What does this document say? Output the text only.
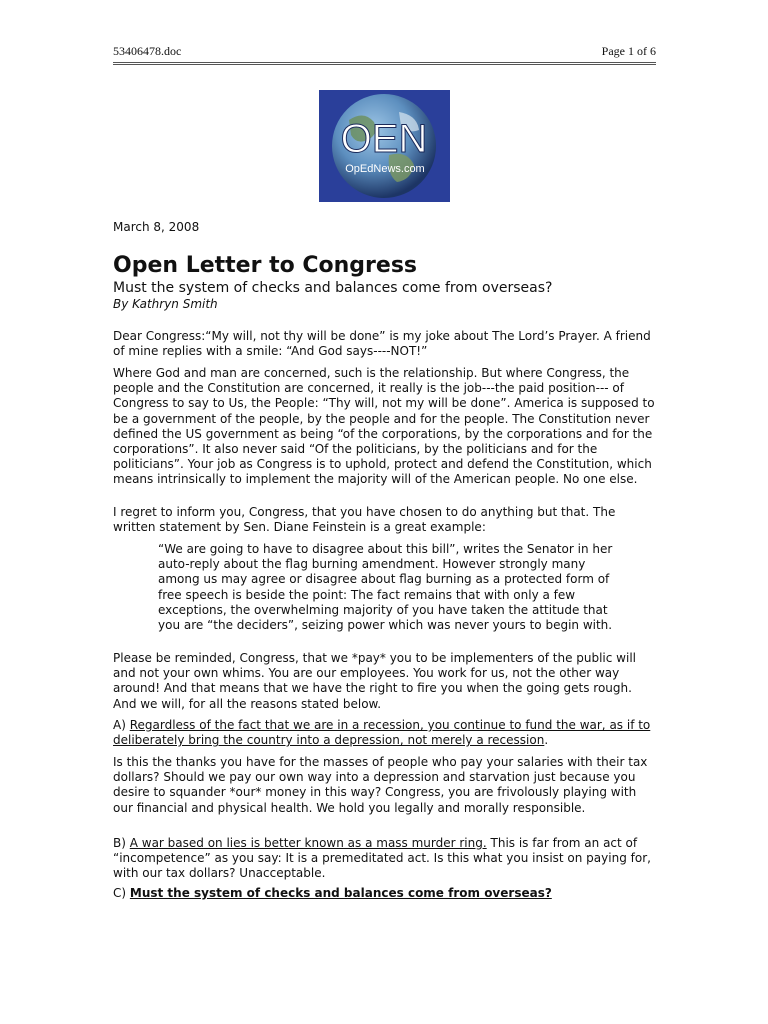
53406478.doc	Page 1 of 6
OEN
OpEdNews.com
March 8, 2008
Open Letter to Congress
Must the system of checks and balances come from overseas?
By Kathryn Smith
Dear Congress:“My will, not thy will be done” is my joke about The Lord’s Prayer. A friend of mine replies with a smile: “And God says----NOT!”
Where God and man are concerned, such is the relationship. But where Congress, the people and the Constitution are concerned, it really is the job---the paid position--- of Congress to say to Us, the People: “Thy will, not my will be done”. America is supposed to be a government of the people, by the people and for the people. The Constitution never defined the US government as being “of the corporations, by the corporations and for the corporations”. It also never said “Of the politicians, by the politicians and for the politicians”. Your job as Congress is to uphold, protect and defend the Constitution, which means intrinsically to implement the majority will of the American people. No one else.
I regret to inform you, Congress, that you have chosen to do anything but that. The written statement by Sen. Diane Feinstein is a great example:
“We are going to have to disagree about this bill”, writes the Senator in her auto-reply about the flag burning amendment. However strongly many among us may agree or disagree about flag burning as a protected form of free speech is beside the point: The fact remains that with only a few exceptions, the overwhelming majority of you have taken the attitude that you are “the deciders”, seizing power which was never yours to begin with.
Please be reminded, Congress, that we *pay* you to be implementers of the public will and not your own whims. You are our employees. You work for us, not the other way around! And that means that we have the right to fire you when the going gets rough. And we will, for all the reasons stated below.
A) Regardless of the fact that we are in a recession, you continue to fund the war, as if to deliberately bring the country into a depression, not merely a recession.
Is this the thanks you have for the masses of people who pay your salaries with their tax dollars? Should we pay our own way into a depression and starvation just because you desire to squander *our* money in this way? Congress, you are frivolously playing with our financial and physical health. We hold you legally and morally responsible.
B) A war based on lies is better known as a mass murder ring. This is far from an act of “incompetence” as you say: It is a premeditated act. Is this what you insist on paying for, with our tax dollars? Unacceptable.
C) Must the system of checks and balances come from overseas?
